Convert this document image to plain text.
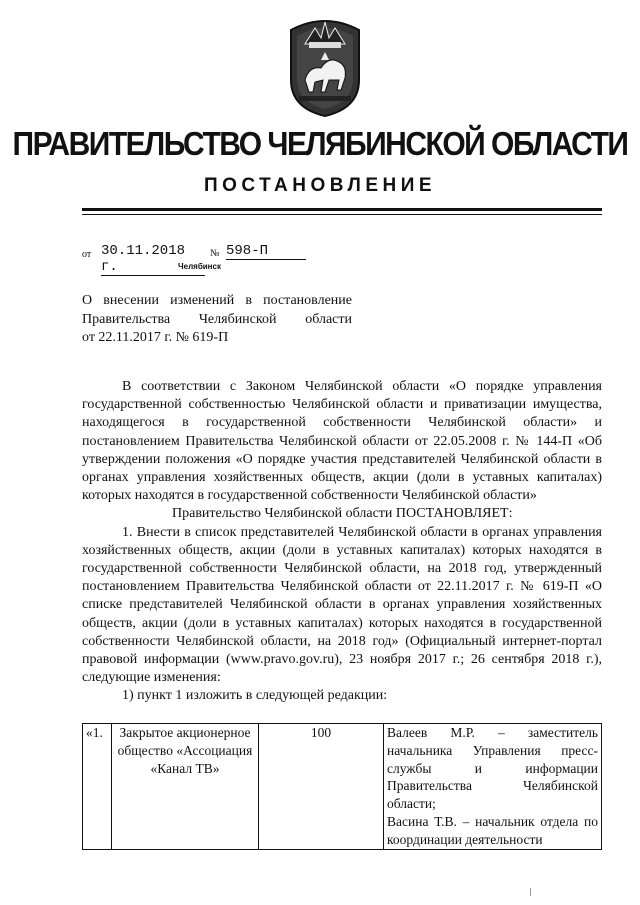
ПРАВИТЕЛЬСТВО ЧЕЛЯБИНСКОЙ ОБЛАСТИ
ПОСТАНОВЛЕНИЕ
от 30.11.2018 г.
№ 598-П
Челябинск
О внесении изменений в постановление
Правительства Челябинской области
от 22.11.2017 г. № 619-П
В соответствии с Законом Челябинской области «О порядке управления государственной собственностью Челябинской области и приватизации имущества, находящегося в государственной собственности Челябинской области» и постановлением Правительства Челябинской области от 22.05.2008 г. № 144-П «Об утверждении положения «О порядке участия представителей Челябинской области в органах управления хозяйственных обществ, акции (доли в уставных капиталах) которых находятся в государственной собственности Челябинской области»
Правительство Челябинской области ПОСТАНОВЛЯЕТ:
1. Внести в список представителей Челябинской области в органах управления хозяйственных обществ, акции (доли в уставных капиталах) которых находятся в государственной собственности Челябинской области, на 2018 год, утвержденный постановлением Правительства Челябинской области от 22.11.2017 г. № 619-П «О списке представителей Челябинской области в органах управления хозяйственных обществ, акции (доли в уставных капиталах) которых находятся в государственной собственности Челябинской области, на 2018 год» (Официальный интернет-портал правовой информации (www.pravo.gov.ru), 23 ноября 2017 г.; 26 сентября 2018 г.), следующие изменения:
1) пункт 1 изложить в следующей редакции:
«1.	Закрытое акционерное общество «Ассоциация «Канал ТВ»	100	Валеев М.Р. – заместитель начальника Управления пресс-службы и информации Правительства Челябинской области;
Васина Т.В. – начальник отдела по координации деятельности
